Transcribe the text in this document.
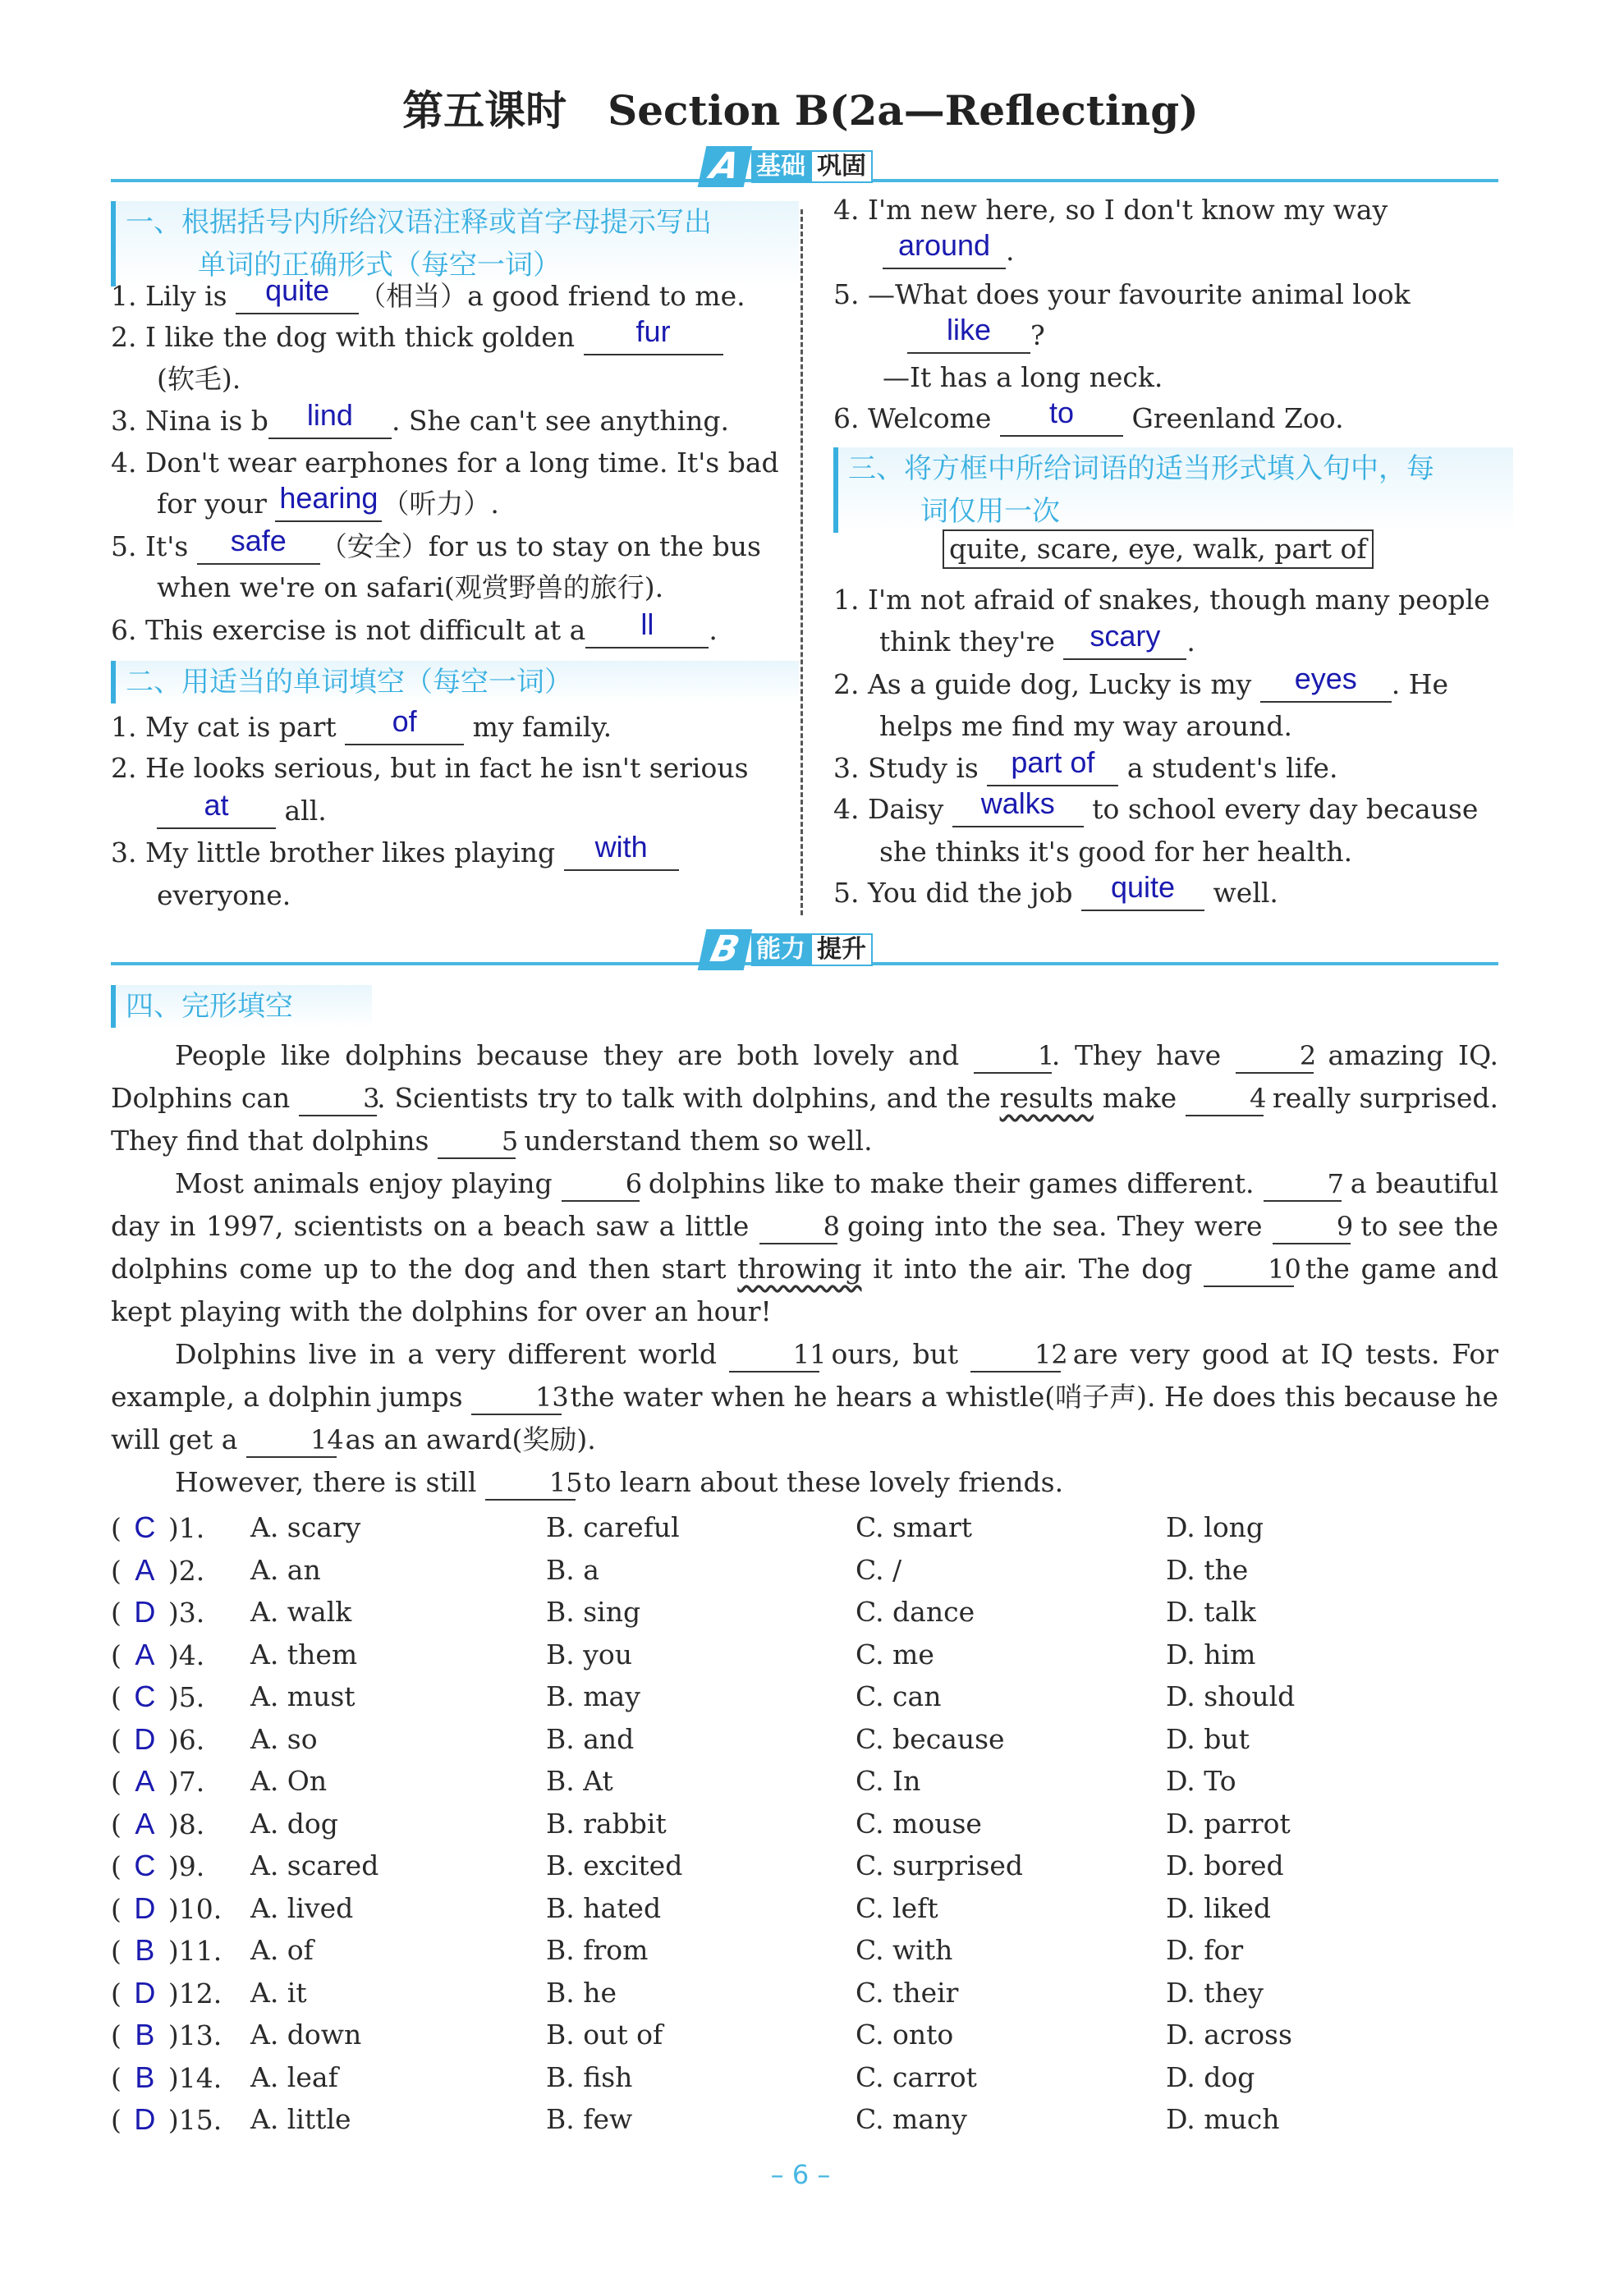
第五课时 Section B(2a—Reflecting)
A 基础 巩固
一、根据括号内所给汉语注释或首字母提示写出
单词的正确形式（每空一词）
1. Lily is quite （相当）a good friend to me.
2. I like the dog with thick golden fur
(软毛).
3. Nina is b lind . She can't see anything.
4. Don't wear earphones for a long time. It's bad
for your hearing （听力）.
5. It's safe （安全）for us to stay on the bus
when we're on safari(观赏野兽的旅行).
6. This exercise is not difficult at a ll .
二、用适当的单词填空（每空一词）
1. My cat is part of my family.
2. He looks serious, but in fact he isn't serious
at all.
3. My little brother likes playing with
everyone.
4. I'm new here, so I don't know my way
around .
5. —What does your favourite animal look
like ?
—It has a long neck.
6. Welcome to Greenland Zoo.
三、将方框中所给词语的适当形式填入句中，每
词仅用一次
quite, scare, eye, walk, part of
1. I'm not afraid of snakes, though many people
think they're scary .
2. As a guide dog, Lucky is my eyes . He
helps me find my way around.
3. Study is part of a student's life.
4. Daisy walks to school every day because
she thinks it's good for her health.
5. You did the job quite well.
B 能力 提升
四、完形填空
People like dolphins because they are both lovely and 1. They have 2 amazing IQ. Dolphins can 3. Scientists try to talk with dolphins, and the results make 4 really surprised. They find that dolphins 5 understand them so well.
Most animals enjoy playing 6 dolphins like to make their games different. 7 a beautiful day in 1997, scientists on a beach saw a little 8 going into the sea. They were 9 to see the dolphins come up to the dog and then start throwing it into the air. The dog 10 the game and kept playing with the dolphins for over an hour!
Dolphins live in a very different world 11 ours, but 12 are very good at IQ tests. For example, a dolphin jumps 13 the water when he hears a whistle(哨子声). He does this because he will get a 14 as an award(奖励).
However, there is still 15 to learn about these lovely friends.
( C )1. A. scary	B. careful	C. smart	D. long
( A )2. A. an	B. a	C. /	D. the
( D )3. A. walk	B. sing	C. dance	D. talk
( A )4. A. them	B. you	C. me	D. him
( C )5. A. must	B. may	C. can	D. should
( D )6. A. so	B. and	C. because	D. but
( A )7. A. On	B. At	C. In	D. To
( A )8. A. dog	B. rabbit	C. mouse	D. parrot
( C )9. A. scared	B. excited	C. surprised	D. bored
( D )10. A. lived	B. hated	C. left	D. liked
( B )11. A. of	B. from	C. with	D. for
( D )12. A. it	B. he	C. their	D. they
( B )13. A. down	B. out of	C. onto	D. across
( B )14. A. leaf	B. fish	C. carrot	D. dog
( D )15. A. little	B. few	C. many	D. much
– 6 –
